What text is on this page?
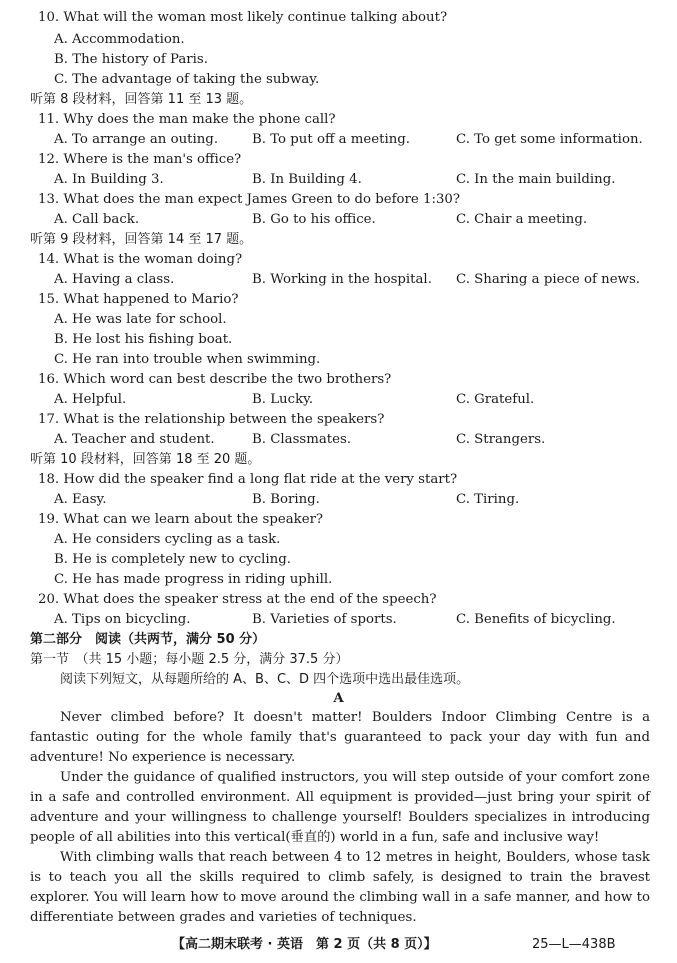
10. What will the woman most likely continue talking about?
A. Accommodation.
B. The history of Paris.
C. The advantage of taking the subway.
听第 8 段材料，回答第 11 至 13 题。
11. Why does the man make the phone call?
A. To arrange an outing.	B. To put off a meeting.	C. To get some information.
12. Where is the man's office?
A. In Building 3.	B. In Building 4.	C. In the main building.
13. What does the man expect James Green to do before 1:30?
A. Call back.	B. Go to his office.	C. Chair a meeting.
听第 9 段材料，回答第 14 至 17 题。
14. What is the woman doing?
A. Having a class.	B. Working in the hospital. C. Sharing a piece of news.
15. What happened to Mario?
A. He was late for school.
B. He lost his fishing boat.
C. He ran into trouble when swimming.
16. Which word can best describe the two brothers?
A. Helpful.	B. Lucky.	C. Grateful.
17. What is the relationship between the speakers?
A. Teacher and student.	B. Classmates.	C. Strangers.
听第 10 段材料，回答第 18 至 20 题。
18. How did the speaker find a long flat ride at the very start?
A. Easy.	B. Boring.	C. Tiring.
19. What can we learn about the speaker?
A. He considers cycling as a task.
B. He is completely new to cycling.
C. He has made progress in riding uphill.
20. What does the speaker stress at the end of the speech?
A. Tips on bicycling.	B. Varieties of sports.	C. Benefits of bicycling.
第二部分　阅读（共两节，满分 50 分）
第一节　（共 15 小题；每小题 2.5 分，满分 37.5 分）
阅读下列短文，从每题所给的 A、B、C、D 四个选项中选出最佳选项。
A
Never climbed before? It doesn't matter! Boulders Indoor Climbing Centre is a fantastic outing for the whole family that's guaranteed to pack your day with fun and adventure! No experience is necessary.
Under the guidance of qualified instructors, you will step outside of your comfort zone in a safe and controlled environment. All equipment is provided—just bring your spirit of adventure and your willingness to challenge yourself! Boulders specializes in introducing people of all abilities into this vertical(垂直的) world in a fun, safe and inclusive way!
With climbing walls that reach between 4 to 12 metres in height, Boulders, whose task is to teach you all the skills required to climb safely, is designed to train the bravest explorer. You will learn how to move around the climbing wall in a safe manner, and how to differentiate between grades and varieties of techniques.
【高二期末联考 · 英语　第 2 页（共 8 页）】	25—L—438B
